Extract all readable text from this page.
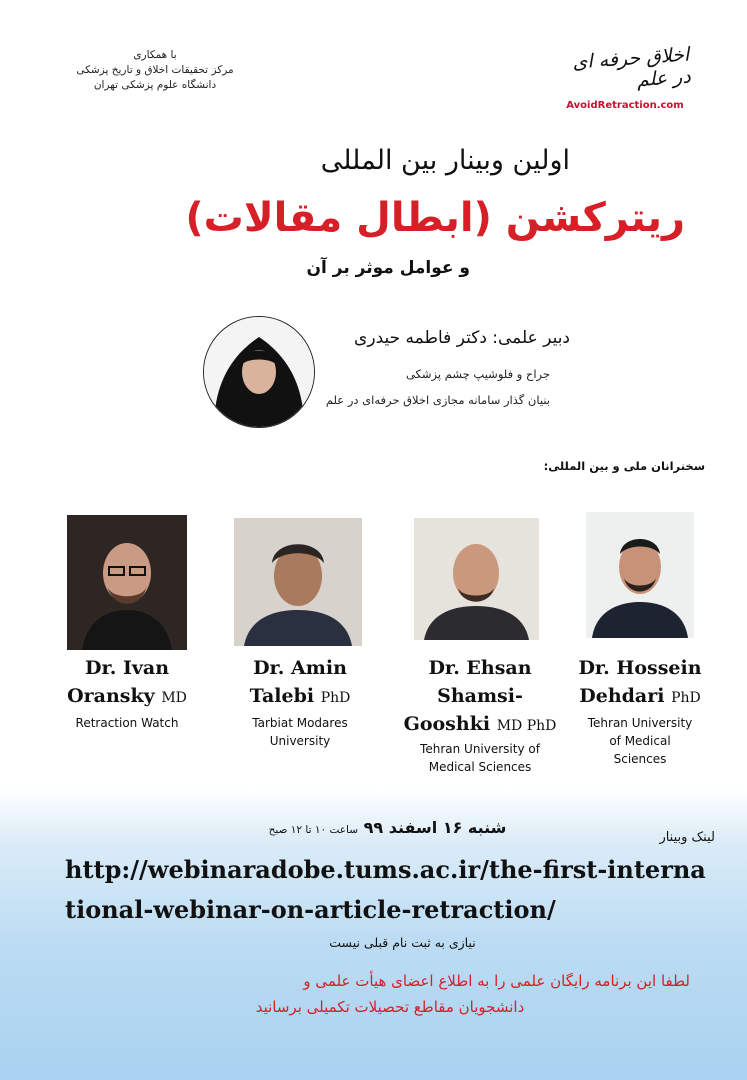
با همکاری
مرکز تحقیقات اخلاق و تاریخ پزشکی
دانشگاه علوم پزشکی تهران
اخلاق حرفه ای در علم
AvoidRetraction.com
اولین وبینار بین المللی
ریترکشن (ابطال مقالات)
و عوامل موثر بر آن
دبیر علمی: دکتر فاطمه حیدری
جراح و فلوشیپ چشم پزشکی
بنیان گذار سامانه مجازی اخلاق حرفه‌ای در علم
سخنرانان ملی و بین المللی:
Dr. Ivan
Oransky MD
Retraction Watch
Dr. Amin
Talebi PhD
Tarbiat Modares University
Dr. Ehsan
Shamsi-
Gooshki MD PhD
Tehran University of Medical Sciences
Dr. Hossein
Dehdari PhD
Tehran University of Medical Sciences
شنبه ۱۶ اسفند ۹۹ ساعت ۱۰ تا ۱۲ صبح	لینک وبینار
http://webinaradobe.tums.ac.ir/the-first-international-webinar-on-article-retraction/
نیازی به ثبت نام قبلی نیست
لطفا این برنامه رایگان علمی را به اطلاع اعضای هیأت علمی و
دانشجویان مقاطع تحصیلات تکمیلی برسانید
